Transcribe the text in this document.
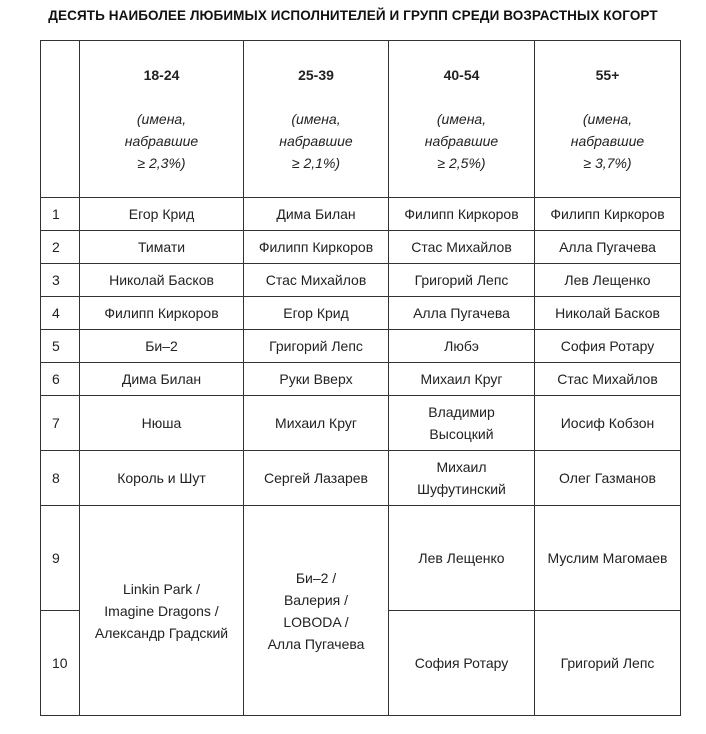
ДЕСЯТЬ НАИБОЛЕЕ ЛЮБИМЫХ ИСПОЛНИТЕЛЕЙ И ГРУПП СРЕДИ ВОЗРАСТНЫХ КОГОРТ

	18-24

(имена,
набравшие
≥ 2,3%)	25-39

(имена,
набравшие
≥ 2,1%)	40-54

(имена,
набравшие
≥ 2,5%)	55+

(имена,
набравшие
≥ 3,7%)

1	Егор Крид	Дима Билан	Филипп Киркоров	Филипп Киркоров

2	Тимати	Филипп Киркоров	Стас Михайлов	Алла Пугачева

3	Николай Басков	Стас Михайлов	Григорий Лепс	Лев Лещенко

4	Филипп Киркоров	Егор Крид	Алла Пугачева	Николай Басков

5	Би–2	Григорий Лепс	Любэ	София Ротару

6	Дима Билан	Руки Вверх	Михаил Круг	Стас Михайлов

7	Нюша	Михаил Круг	Владимир
Высоцкий	Иосиф Кобзон

8	Король и Шут	Сергей Лазарев	Михаил
Шуфутинский	Олег Газманов

9	Linkin Park /
Imagine Dragons /
Александр Градский	Би–2 /
Валерия /
LOBODA /
Алла Пугачева	Лев Лещенко	Муслим Магомаев

10			София Ротару	Григорий Лепс
